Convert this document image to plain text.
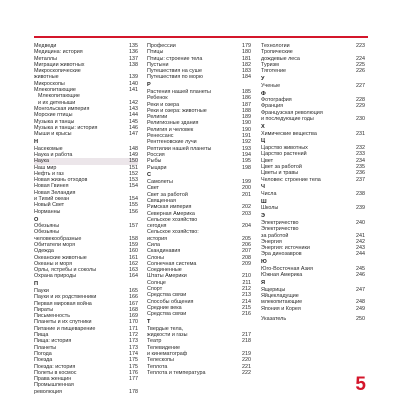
Медведи	135
Медицина: история	136
Металлы	137
Миграции животных	138
Микроскопические
животные	139
Микроскопы	140
Млекопитающие	141
Млекопитающие
и их детеныши	142
Монгольская империя	143
Морские птицы	144
Музыка и танцы	145
Музыка и танцы: история	146
Мыши и крысы	147
Н
Насекомые	148
Наука и работа	149
Наука	150
Наш мир	151
Нефть и газ	152
Новая жизнь отходов	153
Новая Гвинея	154
Новая Зеландия
и Тихий океан	154
Новый Свет	155
Норманны	156
О
Обезьяны	157
Обезьяны
человекообразные	158
Обитатели моря	159
Одежда	160
Океанские животные	161
Океаны и моря	162
Орлы, ястребы и соколы	163
Охрана природы	164
П
Пауки	165
Пауки и их родственники	166
Первая мировая война	167
Пираты	168
Письменность	169
Планеты и их спутники	170
Питание и пищеварение	171
Пища	172
Пища: история	173
Планеты	173
Погода	174
Поезда	175
Поезда: история	175
Полеты в космос	176
Права женщин	177
Промышленная
революция	178
Профессии	179
Птицы	180
Птицы: строение тела	181
Пустыни	182
Путешествия на суше	183
Путешествия по морю	184
Р
Растения нашей планеты	185
Ребенок	186
Реки и озера	187
Реки и озера: животные	188
Религии	189
Религиозные здания	190
Религия и человек	190
Ренессанс	191
Рентгеновские лучи	192
Рептилии нашей планеты	193
Россия	194
Рыбы	195
Рыцари	198
С
Самолеты	199
Свет	200
Свет за работой	201
Священная
Римская империя	202
Северная Америка	203
Сельское хозяйство
сегодня	204
Сельское хозяйство:
история	205
Сила	206
Скандинавия	207
Слоны	208
Солнечная система	209
Соединенные
Штаты Америки	210
Солнце	211
Спорт	212
Средства связи	213
Способы общения	214
Средние века	215
Средства связи	216
Т
Твердые тела,
жидкости и газы	217
Театр	218
Телевидение
и кинематограф	219
Телескопы	220
Теплота	221
Теплота и температура	222
Технологии	223
Тропические
дождевые леса	224
Туризм	225
Тяготение	226
У
Ученые	227
Ф
Фотография	228
Франция	229
Французская революция
и последующие годы	230
Х
Химические вещества	231
Ц
Царство животных	232
Царство растений	233
Цвет	234
Цвет за работой	235
Цветы и травы	236
Человек: строение тела	237
Ч
Числа	238
Ш
Школы	239
Э
Электричество	240
Электричество
за работой	241
Энергия	242
Энергия: источники	243
Эра динозавров	244
Ю
Юго-Восточная Азия	245
Южная Америка	246
Я
Ящерицы	247
Яйцекладущие
млекопитающие	248
Япония и Корея	249
Указатель	250
5
